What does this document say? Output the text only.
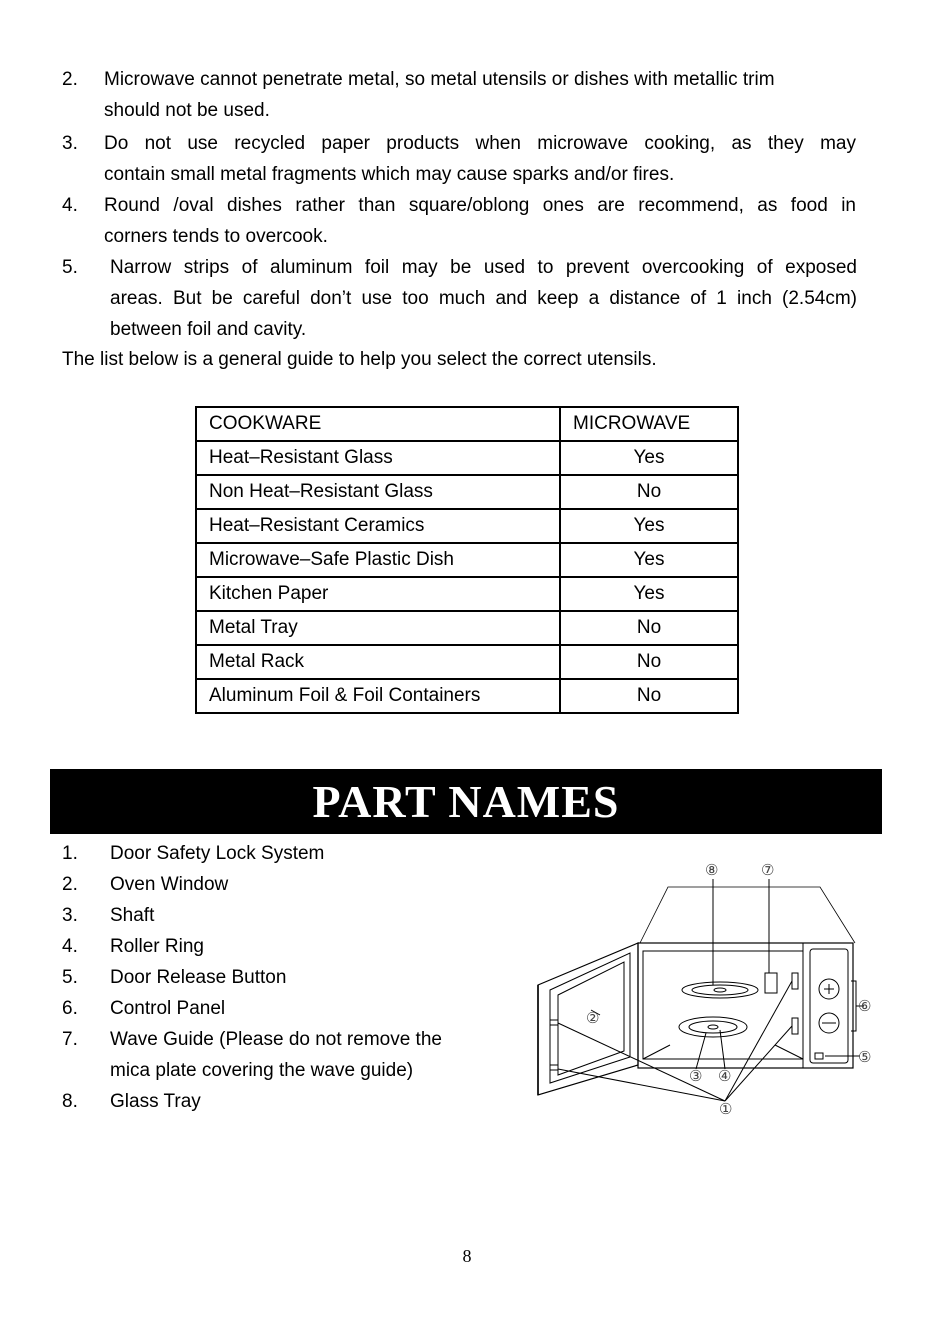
2. Microwave cannot penetrate metal, so metal utensils or dishes with metallic trim
should not be used.
3. Do not use recycled paper products when microwave cooking, as they may
contain small metal fragments which may cause sparks and/or fires.
4. Round /oval dishes rather than square/oblong ones are recommend, as food in
corners tends to overcook.
5. Narrow strips of aluminum foil may be used to prevent overcooking of exposed
areas. But be careful don’t use too much and keep a distance of 1 inch (2.54cm)
between foil and cavity.
The list below is a general guide to help you select the correct utensils.
COOKWARE	MICROWAVE
Heat–Resistant Glass	Yes
Non Heat–Resistant Glass	No
Heat–Resistant Ceramics	Yes
Microwave–Safe Plastic Dish	Yes
Kitchen Paper	Yes
Metal Tray	No
Metal Rack	No
Aluminum Foil & Foil Containers	No
PART NAMES
1. Door Safety Lock System
2. Oven Window
3. Shaft
4. Roller Ring
5. Door Release Button
6. Control Panel
7. Wave Guide (Please do not remove the
mica plate covering the wave guide)
8. Glass Tray
⑧	⑦
②
③ ④
①
⑥
⑤
8
